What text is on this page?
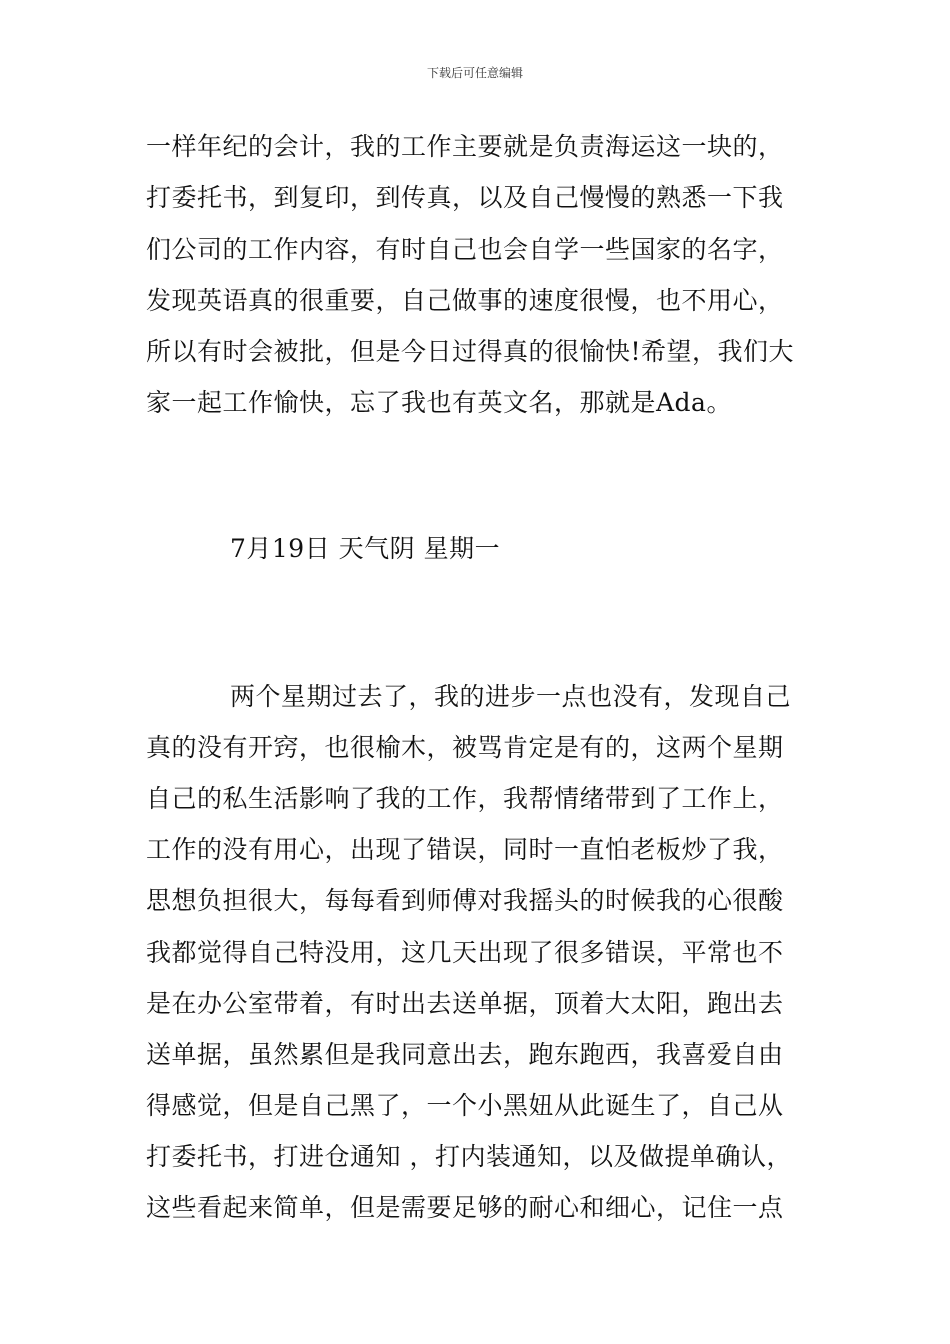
下载后可任意编辑
一样年纪的会计，我的工作主要就是负责海运这一块的，
打委托书，到复印，到传真，以及自己慢慢的熟悉一下我
们公司的工作内容，有时自己也会自学一些国家的名字，
发现英语真的很重要，自己做事的速度很慢，也不用心，
所以有时会被批，但是今日过得真的很愉快!希望，我们大
家一起工作愉快，忘了我也有英文名，那就是Ada。
7月19日 天气阴 星期一
两个星期过去了，我的进步一点也没有，发现自己
真的没有开窍，也很榆木，被骂肯定是有的，这两个星期
自己的私生活影响了我的工作，我帮情绪带到了工作上，
工作的没有用心，出现了错误，同时一直怕老板炒了我，
思想负担很大，每每看到师傅对我摇头的时候我的心很酸
我都觉得自己特没用，这几天出现了很多错误，平常也不
是在办公室带着，有时出去送单据，顶着大太阳，跑出去
送单据，虽然累但是我同意出去，跑东跑西，我喜爱自由
得感觉，但是自己黑了，一个小黑妞从此诞生了，自己从
打委托书，打进仓通知 ，打内装通知，以及做提单确认，
这些看起来简单，但是需要足够的耐心和细心，记住一点
